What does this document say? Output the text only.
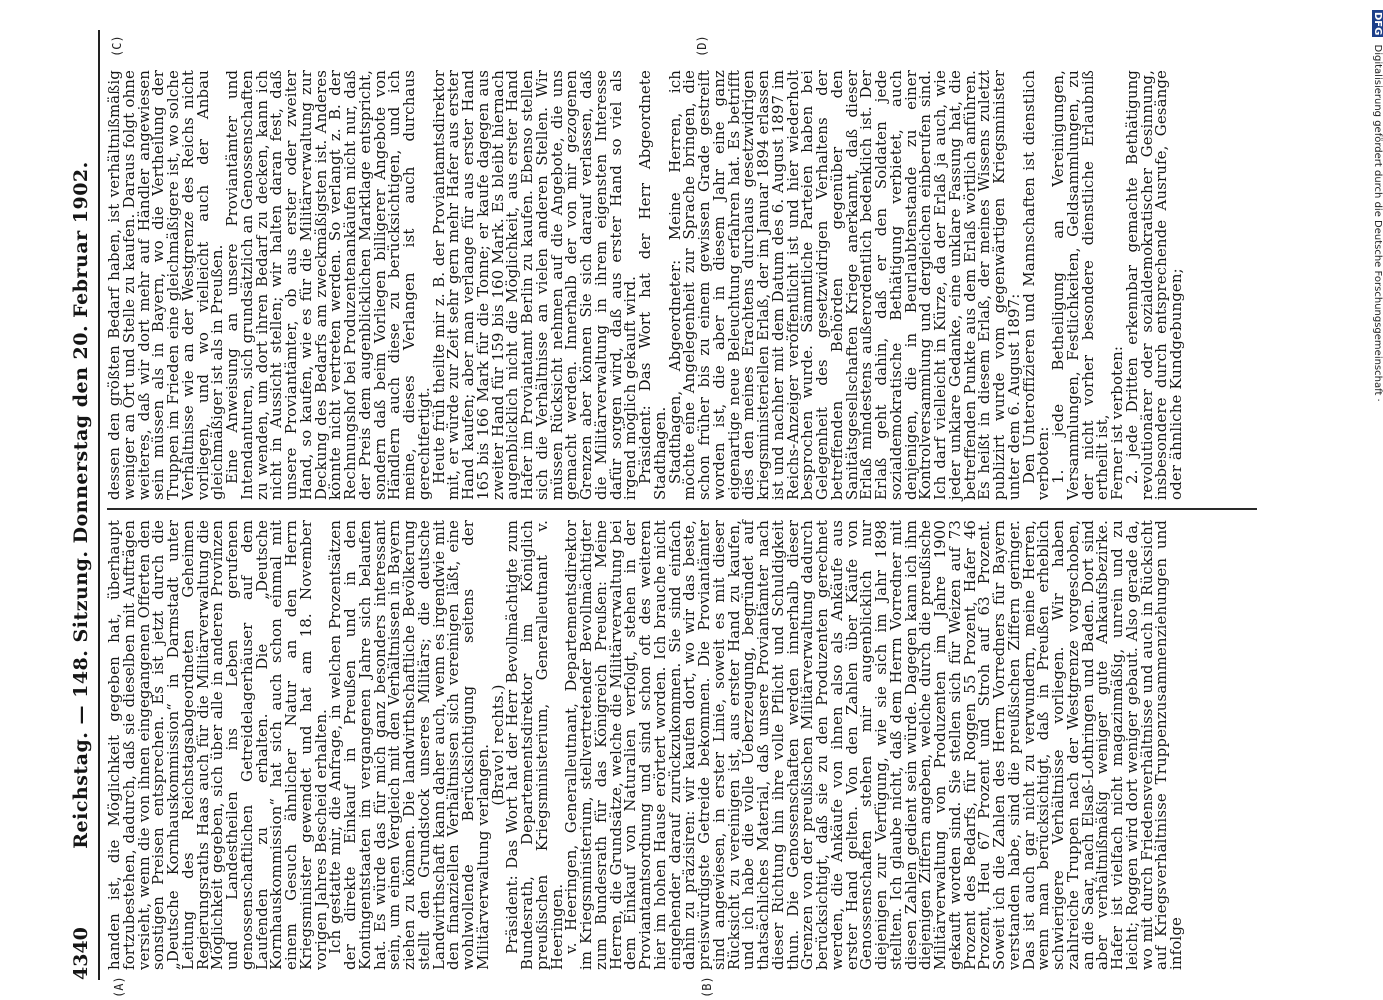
4340
Reichstag. — 148. Sitzung. Donnerstag den 20. Februar 1902.
(A)	(B)
(C)	(D)

handen ist, die Möglichkeit gegeben hat, überhaupt fortzubestehen, dadurch, daß sie dieselben mit Aufträgen versieht, wenn die von ihnen eingegangenen Offerten den sonstigen Preisen entsprechen. Es ist jetzt durch die „Deutsche Kornhauskommission“ in Darmstadt unter Leitung des Reichstagsabgeordneten Geheimen Regierungsraths Haas auch für die Militärverwaltung die Möglichkeit gegeben, sich über alle in anderen Provinzen und Landestheilen ins Leben gerufenen genossenschaftlichen Getreidelagerhäuser auf dem Laufenden zu erhalten. Die „Deutsche Kornhauskommission“ hat sich auch schon einmal mit einem Gesuch ähnlicher Natur an den Herrn Kriegsminister gewendet und hat am 18. November vorigen Jahres Bescheid erhalten.

Ich gestatte mir, die Anfrage, in welchen Prozentsätzen der direkte Einkauf in Preußen und in den Kontingentstaaten im vergangenen Jahre sich belaufen hat. Es würde das für mich ganz besonders interessant sein, um einen Vergleich mit den Verhältnissen in Bayern ziehen zu können. Die landwirthschaftliche Bevölkerung stellt den Grundstock unseres Militärs; die deutsche Landwirthschaft kann daher auch, wenn es irgendwie mit den finanziellen Verhältnissen sich vereinigen läßt, eine wohlwollende Berücksichtigung seitens der Militärverwaltung verlangen.

(Bravo! rechts.)

Präsident: Das Wort hat der Herr Bevollmächtigte zum Bundesrath, Departementsdirektor im Königlich preußischen Kriegsministerium, Generalleutnant v. Heeringen.

v. Heeringen, Generalleutnant, Departementsdirektor im Kriegsministerium, stellvertretender Bevollmächtigter zum Bundesrath für das Königreich Preußen: Meine Herren, die Grundsätze, welche die Militärverwaltung bei dem Einkauf von Naturalien verfolgt, stehen in der Proviantamtsordnung und sind schon oft des weiteren hier im hohen Hause erörtert worden. Ich brauche nicht eingehender darauf zurückzukommen. Sie sind einfach dahin zu präzisiren: wir kaufen dort, wo wir das beste, preiswürdigste Getreide bekommen. Die Proviantämter sind angewiesen, in erster Linie, soweit es mit dieser Rücksicht zu vereinigen ist, aus erster Hand zu kaufen, und ich habe die volle Ueberzeugung, begründet auf thatsächliches Material, daß unsere Proviantämter nach dieser Richtung hin ihre volle Pflicht und Schuldigkeit thun. Die Genossenschaften werden innerhalb dieser Grenzen von der preußischen Militärverwaltung dadurch berücksichtigt, daß sie zu den Produzenten gerechnet werden, die Ankäufe von ihnen also als Ankäufe aus erster Hand gelten. Von den Zahlen über Käufe von Genossenschaften stehen mir augenblicklich nur diejenigen zur Verfügung, wie sie sich im Jahr 1898 stellten. Ich glaube nicht, daß dem Herrn Vorredner mit diesen Zahlen gedient sein würde. Dagegen kann ich ihm diejenigen Ziffern angeben, welche durch die preußische Militärverwaltung von Produzenten im Jahre 1900 gekauft worden sind. Sie stellen sich für Weizen auf 73 Prozent des Bedarfs, für Roggen 55 Prozent, Hafer 46 Prozent, Heu 67 Prozent und Stroh auf 63 Prozent. Soweit ich die Zahlen des Herrn Vorredners für Bayern verstanden habe, sind die preußischen Ziffern geringer. Das ist auch gar nicht zu verwundern, meine Herren, wenn man berücksichtigt, daß in Preußen erheblich schwierigere Verhältnisse vorliegen. Wir haben zahlreiche Truppen nach der Westgrenze vorgeschoben, an die Saar, nach Elsaß-Lothringen und Baden. Dort sind aber verhältnißmäßig weniger gute Ankaufsbezirke. Hafer ist vielfach nicht magazinmäßig, unrein und zu leicht; Roggen wird dort weniger gebaut. Also gerade da, wo mit durch Friedensverhältnisse und auch in Rücksicht auf Kriegsverhältnisse Truppenzusammenziehungen und infolge

dessen den größten Bedarf haben, ist verhältnißmäßig weniger an Ort und Stelle zu kaufen. Daraus folgt ohne weiteres, daß wir dort mehr auf Händler angewiesen sein müssen als in Bayern, wo die Vertheilung der Truppen im Frieden eine gleichmäßigere ist, wo solche Verhältnisse wie an der Westgrenze des Reichs nicht vorliegen, und wo vielleicht auch der Anbau gleichmäßiger ist als in Preußen.

Eine Anweisung an unsere Proviantämter und Intendanturen, sich grundsätzlich an Genossenschaften zu wenden, um dort ihren Bedarf zu decken, kann ich nicht in Aussicht stellen; wir halten daran fest, daß unsere Proviantämter, ob aus erster oder zweiter Hand, so kaufen, wie es für die Militärverwaltung zur Deckung des Bedarfs am zweckmäßigsten ist. Anderes könnte nicht vertreten werden. So verlangt z. B. der Rechnungshof bei Produzentenankäufen nicht nur, daß der Preis dem augenblicklichen Marktlage entspricht, sondern daß beim Vorliegen billigerer Angebote von Händlern auch diese zu berücksichtigen, und ich meine, dieses Verlangen ist auch durchaus gerechtfertigt.

Heute früh theilte mir z. B. der Proviantamtsdirektor mit, er würde zur Zeit sehr gern mehr Hafer aus erster Hand kaufen; aber man verlange für aus erster Hand 165 bis 166 Mark für die Tonne; er kaufe dagegen aus zweiter Hand für 159 bis 160 Mark. Es bleibt hiernach augenblicklich nicht die Möglichkeit, aus erster Hand Hafer im Proviantamt Berlin zu kaufen. Ebenso stellen sich die Verhältnisse an vielen anderen Stellen. Wir müssen Rücksicht nehmen auf die Angebote, die uns gemacht werden. Innerhalb der von mir gezogenen Grenzen aber können Sie sich darauf verlassen, daß die Militärverwaltung in ihrem eigensten Interesse dafür sorgen wird, daß aus erster Hand so viel als irgend möglich gekauft wird.

Präsident: Das Wort hat der Herr Abgeordnete Stadthagen.

Stadthagen, Abgeordneter: Meine Herren, ich möchte eine Angelegenheit zur Sprache bringen, die schon früher bis zu einem gewissen Grade gestreift worden ist, die aber in diesem Jahr eine ganz eigenartige neue Beleuchtung erfahren hat. Es betrifft dies den meines Erachtens durchaus gesetzwidrigen kriegsministeriellen Erlaß, der im Januar 1894 erlassen ist und nachher mit dem Datum des 6. August 1897 im Reichs-Anzeiger veröffentlicht ist und hier wiederholt besprochen wurde. Sämmtliche Parteien haben bei Gelegenheit des gesetzwidrigen Verhaltens der betreffenden Behörden gegenüber den Sanitätsgesellschaften Kriege anerkannt, daß dieser Erlaß mindestens außerordentlich bedenklich ist. Der Erlaß geht dahin, daß er den Soldaten jede sozialdemokratische Bethätigung verbietet, auch denjenigen, die in Beurlaubtenstande zu einer Kontrolversammlung und dergleichen einberufen sind. Ich darf vielleicht in Kürze, da der Erlaß ja auch, wie jeder unklare Gedanke, eine unklare Fassung hat, die betreffenden Punkte aus dem Erlaß wörtlich anführen. Es heißt in diesem Erlaß, der meines Wissens zuletzt publizirt wurde vom gegenwärtigen Kriegsminister unter dem 6. August 1897:

Den Unteroffizieren und Mannschaften ist dienstlich verboten:

1. jede Betheiligung an Vereinigungen, Versammlungen, Festlichkeiten, Geldsammlungen, zu der nicht vorher besondere dienstliche Erlaubniß ertheilt ist,

Ferner ist verboten:

2. jede Dritten erkennbar gemachte Bethätigung revolutionärer oder sozialdemokratischer Gesinnung, insbesondere durch entsprechende Ausrufe, Gesänge oder ähnliche Kundgebungen;

DFG Digitalisierung gefördert durch die Deutsche Forschungsgemeinschaft ·
